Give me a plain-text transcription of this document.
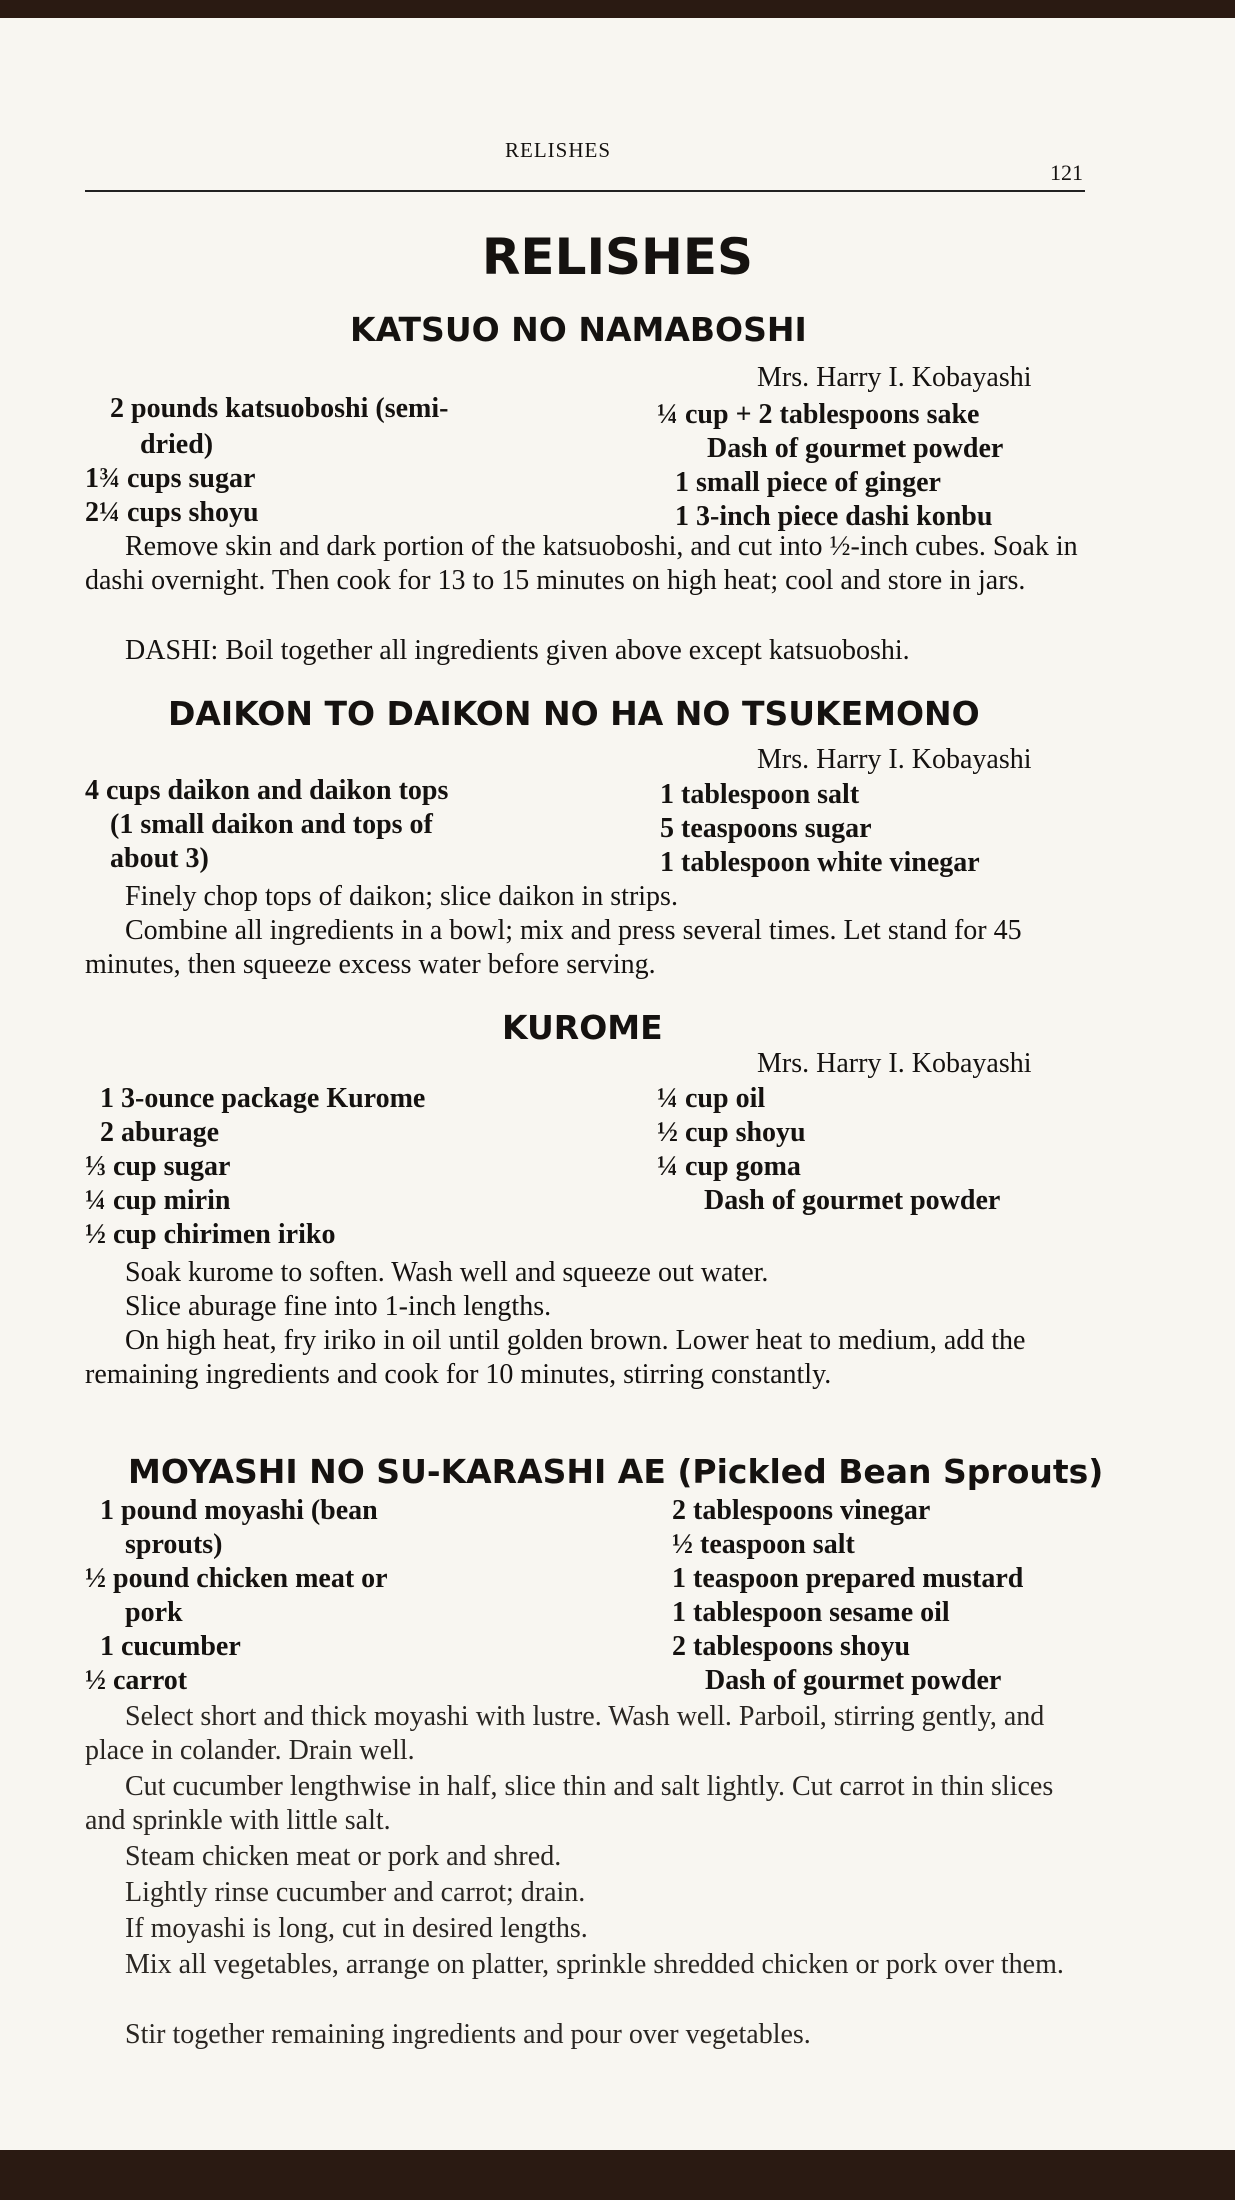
RELISHES
121
RELISHES
KATSUO NO NAMABOSHI
Mrs. Harry I. Kobayashi
2 pounds katsuoboshi (semi-
dried)
1¾ cups sugar
2¼ cups shoyu
¼ cup + 2 tablespoons sake
Dash of gourmet powder
1 small piece of ginger
1 3-inch piece dashi konbu
Remove skin and dark portion of the katsuoboshi, and cut into ½-inch cubes. Soak in dashi overnight. Then cook for 13 to 15 minutes on high heat; cool and store in jars.
DASHI: Boil together all ingredients given above except katsuoboshi.
DAIKON TO DAIKON NO HA NO TSUKEMONO
Mrs. Harry I. Kobayashi
4 cups daikon and daikon tops
(1 small daikon and tops of
about 3)
1 tablespoon salt
5 teaspoons sugar
1 tablespoon white vinegar
Finely chop tops of daikon; slice daikon in strips.
Combine all ingredients in a bowl; mix and press several times. Let stand for 45 minutes, then squeeze excess water before serving.
KUROME
Mrs. Harry I. Kobayashi
1 3-ounce package Kurome
2 aburage
⅓ cup sugar
¼ cup mirin
½ cup chirimen iriko
¼ cup oil
½ cup shoyu
¼ cup goma
Dash of gourmet powder
Soak kurome to soften. Wash well and squeeze out water.
Slice aburage fine into 1-inch lengths.
On high heat, fry iriko in oil until golden brown. Lower heat to medium, add the remaining ingredients and cook for 10 minutes, stirring constantly.
MOYASHI NO SU-KARASHI AE (Pickled Bean Sprouts)
1 pound moyashi (bean
sprouts)
½ pound chicken meat or
pork
1 cucumber
½ carrot
2 tablespoons vinegar
½ teaspoon salt
1 teaspoon prepared mustard
1 tablespoon sesame oil
2 tablespoons shoyu
Dash of gourmet powder
Select short and thick moyashi with lustre. Wash well. Parboil, stirring gently, and place in colander. Drain well.
Cut cucumber lengthwise in half, slice thin and salt lightly. Cut carrot in thin slices and sprinkle with little salt.
Steam chicken meat or pork and shred.
Lightly rinse cucumber and carrot; drain.
If moyashi is long, cut in desired lengths.
Mix all vegetables, arrange on platter, sprinkle shredded chicken or pork over them.
Stir together remaining ingredients and pour over vegetables.
